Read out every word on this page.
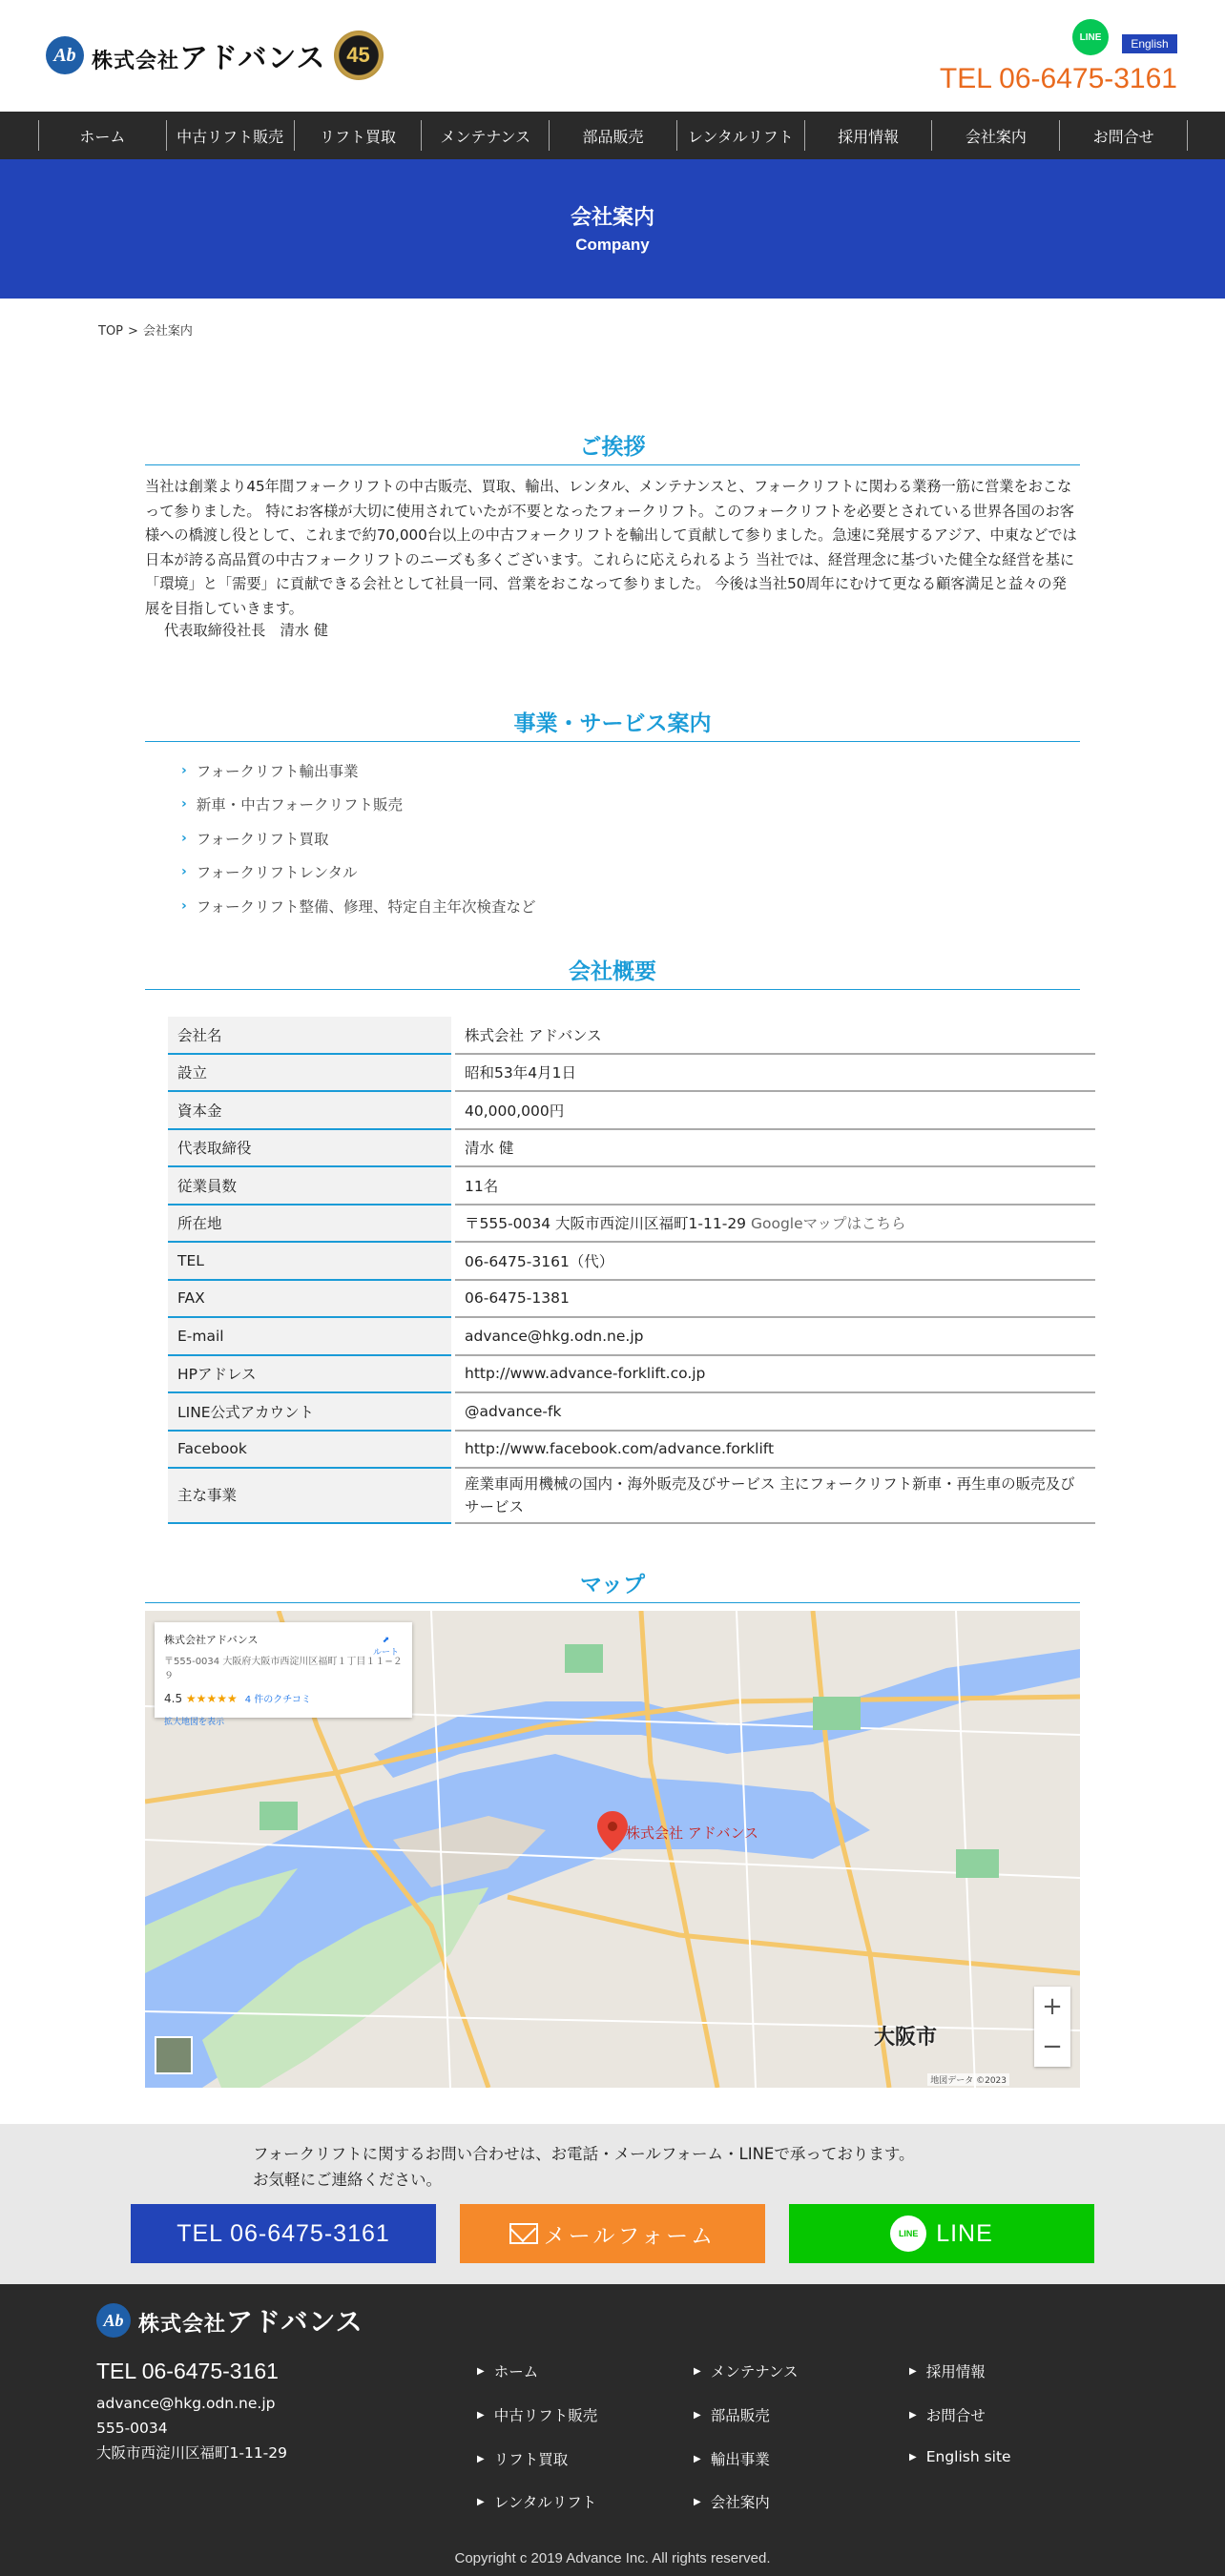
Ab 株式会社アドバンス 45
LINE	English
TEL 06-6475-3161
ホーム	中古リフト販売	リフト買取	メンテナンス	部品販売	レンタルリフト	採用情報	会社案内	お問合せ
会社案内
Company
TOP > 会社案内
ご挨拶

当社は創業より45年間フォークリフトの中古販売、買取、輸出、レンタル、メンテナンスと、フォークリフトに関わる業務一筋に営業をおこなって参りました。 特にお客様が大切に使用されていたが不要となったフォークリフト。このフォークリフトを必要とされている世界各国のお客様への橋渡し役として、これまで約70,000台以上の中古フォークリフトを輸出して貢献して参りました。急速に発展するアジア、中東などでは日本が誇る高品質の中古フォークリフトのニーズも多くございます。これらに応えられるよう 当社では、経営理念に基づいた健全な経営を基に「環境」と「需要」に貢献できる会社として社員一同、営業をおこなって参りました。 今後は当社50周年にむけて更なる顧客満足と益々の発展を目指していきます。

代表取締役社長　清水 健

事業・サービス案内
› フォークリフト輸出事業
› 新車・中古フォークリフト販売
› フォークリフト買取
› フォークリフトレンタル
› フォークリフト整備、修理、特定自主年次検査など
会社概要
会社名	株式会社 アドバンス
設立	昭和53年4月1日
資本金	40,000,000円
代表取締役	清水 健
従業員数	11名
所在地	〒555-0034 大阪市西淀川区福町1-11-29 Googleマップはこちら
TEL	06-6475-3161（代）
FAX	06-6475-1381
E-mail	advance@hkg.odn.ne.jp
HPアドレス	http://www.advance-forklift.co.jp
LINE公式アカウント	@advance-fk
Facebook	http://www.facebook.com/advance.forklift
主な事業	産業車両用機械の国内・海外販売及びサービス 主にフォークリフト新車・再生車の販売及びサービス
マップ
株式会社アドバンス
〒555-0034 大阪府大阪市西淀川区福町１丁目１１−２９
4.5 ★★★★★ 4 件のクチコミ
拡大地図を表示
⬈
ルート
株式会社 アドバンス
大阪市
+
−
地図データ ©2023
フォークリフトに関するお問い合わせは、お電話・メールフォーム・LINEで承っております。
お気軽にご連絡ください。
TEL 06-6475-3161	メールフォーム	LINE LINE
Ab 株式会社アドバンス
TEL 06-6475-3161
advance@hkg.odn.ne.jp
555-0034
大阪市西淀川区福町1-11-29
▶ ホーム
▶ 中古リフト販売
▶ リフト買取
▶ レンタルリフト
▶ メンテナンス
▶ 部品販売
▶ 輸出事業
▶ 会社案内
▶ 採用情報
▶ お問合せ
▶ English site
Copyright c 2019 Advance Inc. All rights reserved.
